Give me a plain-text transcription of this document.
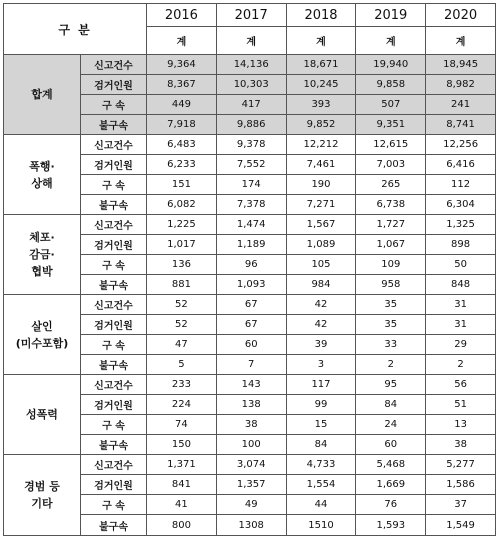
구 분		2016	2017	2018	2019	2020
		계	계	계	계	계

합계	신고건수	9,364	14,136	18,671	19,940	18,945
	검거인원	8,367	10,303	10,245	9,858	8,982
	구 속	449	417	393	507	241
	불구속	7,918	9,886	9,852	9,351	8,741

폭행·
상해	신고건수	6,483	9,378	12,212	12,615	12,256
	검거인원	6,233	7,552	7,461	7,003	6,416
	구 속	151	174	190	265	112
	불구속	6,082	7,378	7,271	6,738	6,304

체포·
감금·
협박	신고건수	1,225	1,474	1,567	1,727	1,325
	검거인원	1,017	1,189	1,089	1,067	898
	구 속	136	96	105	109	50
	불구속	881	1,093	984	958	848

살인
(미수포함)	신고건수	52	67	42	35	31
	검거인원	52	67	42	35	31
	구 속	47	60	39	33	29
	불구속	5	7	3	2	2

성폭력	신고건수	233	143	117	95	56
	검거인원	224	138	99	84	51
	구 속	74	38	15	24	13
	불구속	150	100	84	60	38

경범 등
기타	신고건수	1,371	3,074	4,733	5,468	5,277
	검거인원	841	1,357	1,554	1,669	1,586
	구 속	41	49	44	76	37
	불구속	800	1308	1510	1,593	1,549
